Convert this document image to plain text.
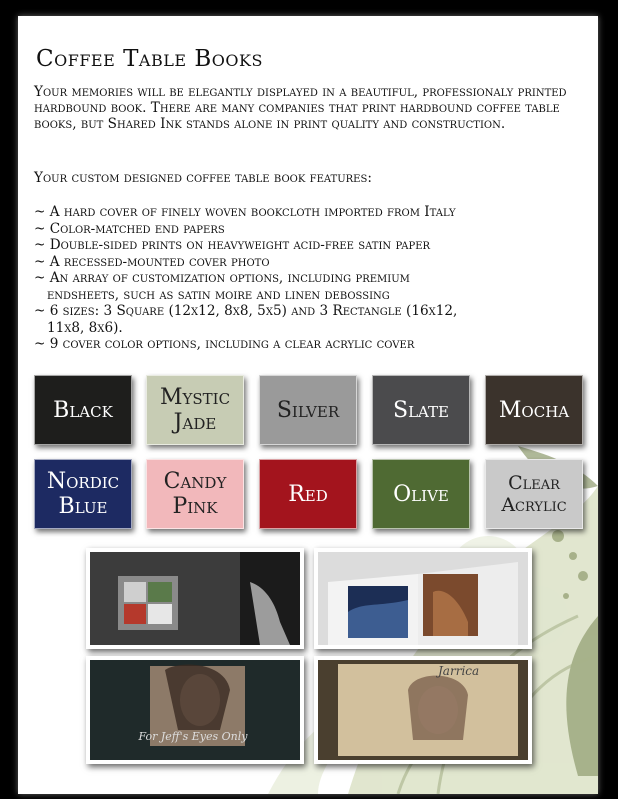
Coffee Table Books
Your memories will be elegantly displayed in a beautiful, professionaly printed hardbound book. There are many companies that print hardbound coffee table books, but Shared Ink stands alone in print quality and construction.
Your custom designed coffee table book features:
~ A hard cover of finely woven bookcloth imported from Italy
~ Color-matched end papers
~ Double-sided prints on heavyweight acid-free satin paper
~ A recessed-mounted cover photo
~ An array of customization options, including premium
endsheets, such as satin moire and linen debossing
~ 6 sizes: 3 Square (12x12, 8x8, 5x5) and 3 Rectangle (16x12,
11x8, 8x6).
~ 9 cover color options, including a clear acrylic cover
Black Mystic
Jade	Silver Slate Mocha
Nordic
Blue
Candy
Pink	Red	Olive	Clear
Acrylic
For Jeff's Eyes Only
Jarrica
